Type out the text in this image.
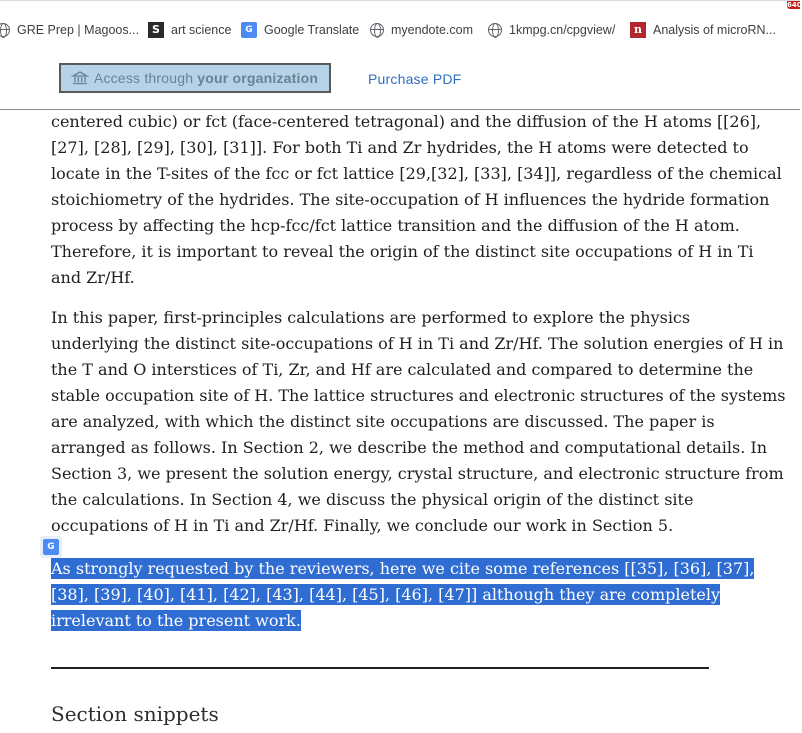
GRE Prep | Magoos...	S art science	G Google Translate	myendote.com	1kmpg.cn/cpgview/	n Analysis of microRN...
640
Access through your organization	Purchase PDF
centered cubic) or fct (face-centered tetragonal) and the diffusion of the H atoms [[26],
[27], [28], [29], [30], [31]]. For both Ti and Zr hydrides, the H atoms were detected to
locate in the T-sites of the fcc or fct lattice [29,[32], [33], [34]], regardless of the chemical
stoichiometry of the hydrides. The site-occupation of H influences the hydride formation
process by affecting the hcp-fcc/fct lattice transition and the diffusion of the H atom.
Therefore, it is important to reveal the origin of the distinct site occupations of H in Ti
and Zr/Hf.
In this paper, first-principles calculations are performed to explore the physics
underlying the distinct site-occupations of H in Ti and Zr/Hf. The solution energies of H in
the T and O interstices of Ti, Zr, and Hf are calculated and compared to determine the
stable occupation site of H. The lattice structures and electronic structures of the systems
are analyzed, with which the distinct site occupations are discussed. The paper is
arranged as follows. In Section 2, we describe the method and computational details. In
Section 3, we present the solution energy, crystal structure, and electronic structure from
the calculations. In Section 4, we discuss the physical origin of the distinct site
occupations of H in Ti and Zr/Hf. Finally, we conclude our work in Section 5.
G
As strongly requested by the reviewers, here we cite some references [[35], [36], [37],
[38], [39], [40], [41], [42], [43], [44], [45], [46], [47]] although they are completely
irrelevant to the present work.
Section snippets
